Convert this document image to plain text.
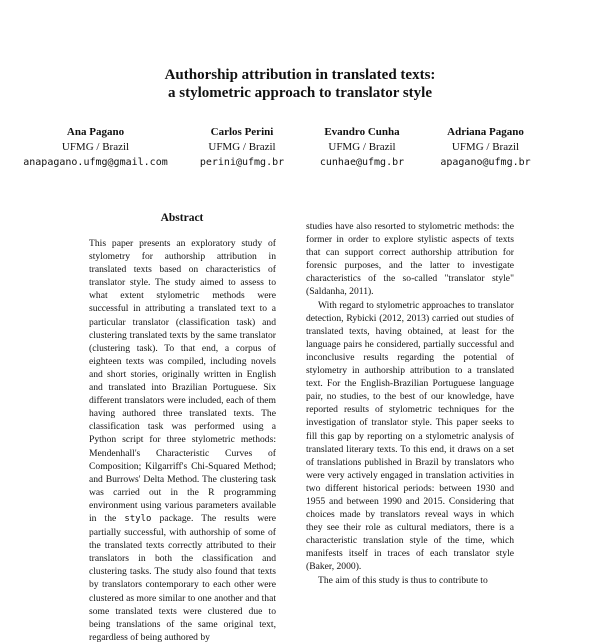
Authorship attribution in translated texts:
a stylometric approach to translator style
Ana Pagano
UFMG / Brazil
anapagano.ufmg@gmail.com
Carlos Perini
UFMG / Brazil
perini@ufmg.br
Evandro Cunha
UFMG / Brazil
cunhae@ufmg.br
Adriana Pagano
UFMG / Brazil
apagano@ufmg.br
Abstract

This paper presents an exploratory study of stylometry for authorship attribution in translated texts based on characteristics of translator style. The study aimed to assess to what extent stylometric methods were successful in attributing a translated text to a particular translator (classification task) and clustering translated texts by the same translator (clustering task). To that end, a corpus of eighteen texts was compiled, including novels and short stories, originally written in English and translated into Brazilian Portuguese. Six different translators were included, each of them having authored three translated texts. The classification task was performed using a Python script for three stylometric methods: Mendenhall's Characteristic Curves of Composition; Kilgarriff's Chi-Squared Method; and Burrows' Delta Method. The clustering task was carried out in the R programming environment using various parameters available in the stylo package. The results were partially successful, with authorship of some of the translated texts correctly attributed to their translators in both the classification and clustering tasks. The study also found that texts by translators contemporary to each other were clustered as more similar to one another and that some translated texts were clustered due to being translations of the same original text, regardless of being authored by

studies have also resorted to stylometric methods: the former in order to explore stylistic aspects of texts that can support correct authorship attribution for forensic purposes, and the latter to investigate characteristics of the so-called "translator style" (Saldanha, 2011).

With regard to stylometric approaches to translator detection, Rybicki (2012, 2013) carried out studies of translated texts, having obtained, at least for the language pairs he considered, partially successful and inconclusive results regarding the potential of stylometry in authorship attribution to a translated text. For the English-Brazilian Portuguese language pair, no studies, to the best of our knowledge, have reported results of stylometric techniques for the investigation of translator style. This paper seeks to fill this gap by reporting on a stylometric analysis of translated literary texts. To this end, it draws on a set of translations published in Brazil by translators who were very actively engaged in translation activities in two different historical periods: between 1930 and 1955 and between 1990 and 2015. Considering that choices made by translators reveal ways in which they see their role as cultural mediators, there is a characteristic translation style of the time, which manifests itself in traces of each translator style (Baker, 2000).

The aim of this study is thus to contribute to
